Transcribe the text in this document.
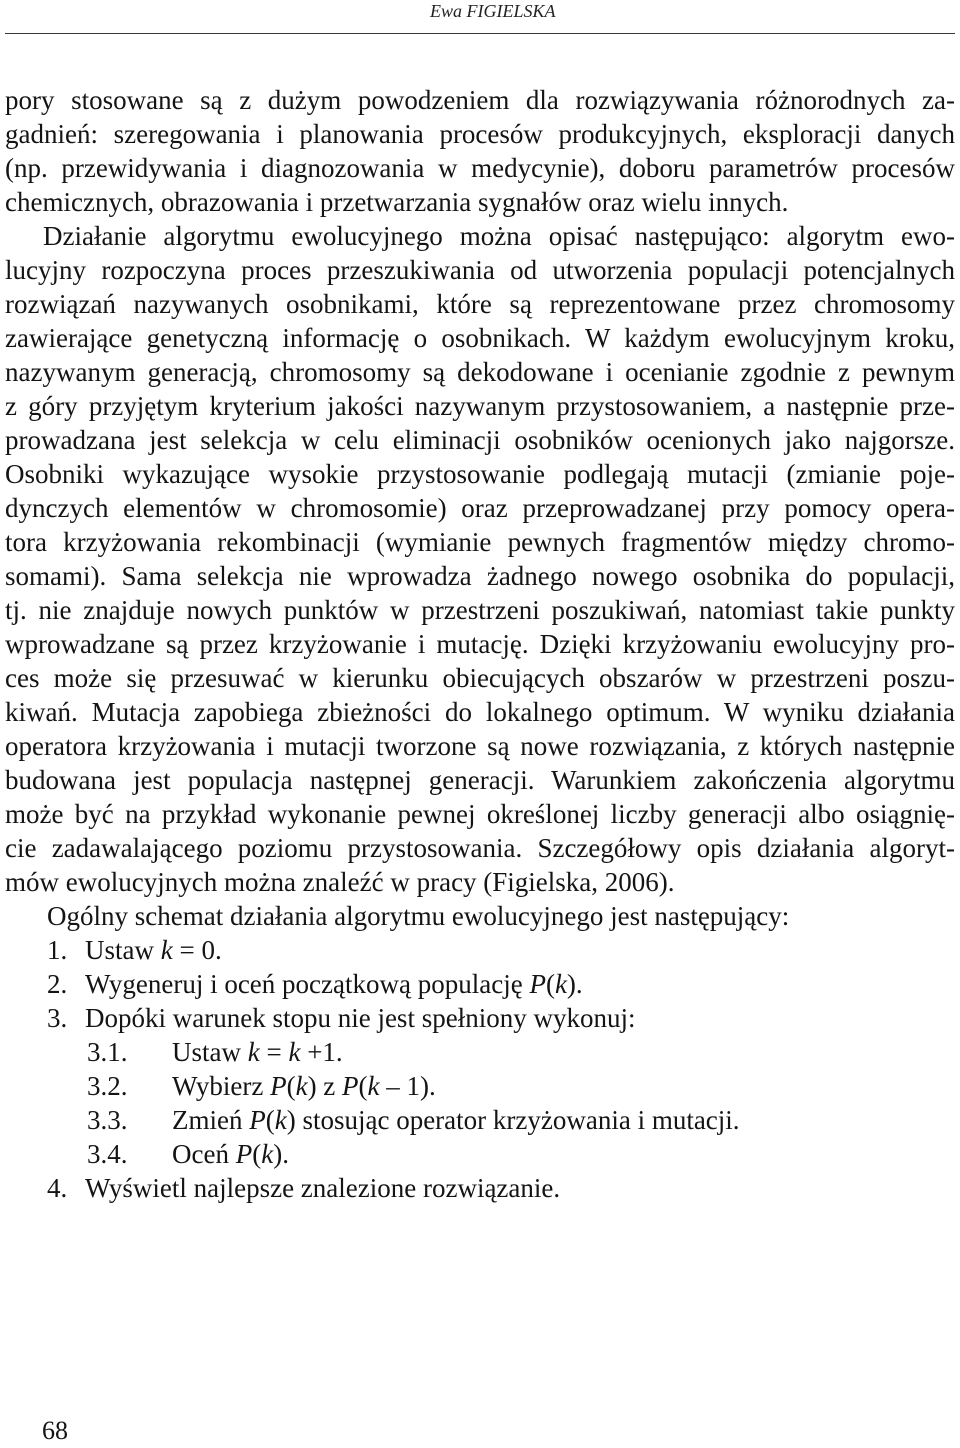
Ewa FIGIELSKA
pory stosowane są z dużym powodzeniem dla rozwiązywania różnorodnych za-
gadnień: szeregowania i planowania procesów produkcyjnych, eksploracji danych
(np. przewidywania i diagnozowania w medycynie), doboru parametrów procesów
chemicznych, obrazowania i przetwarzania sygnałów oraz wielu innych.
Działanie algorytmu ewolucyjnego można opisać następująco: algorytm ewo-
lucyjny rozpoczyna proces przeszukiwania od utworzenia populacji potencjalnych
rozwiązań nazywanych osobnikami, które są reprezentowane przez chromosomy
zawierające genetyczną informację o osobnikach. W każdym ewolucyjnym kroku,
nazywanym generacją, chromosomy są dekodowane i ocenianie zgodnie z pewnym
z góry przyjętym kryterium jakości nazywanym przystosowaniem, a następnie prze-
prowadzana jest selekcja w celu eliminacji osobników ocenionych jako najgorsze.
Osobniki wykazujące wysokie przystosowanie podlegają mutacji (zmianie poje-
dynczych elementów w chromosomie) oraz przeprowadzanej przy pomocy opera-
tora krzyżowania rekombinacji (wymianie pewnych fragmentów między chromo-
somami). Sama selekcja nie wprowadza żadnego nowego osobnika do populacji,
tj. nie znajduje nowych punktów w przestrzeni poszukiwań, natomiast takie punkty
wprowadzane są przez krzyżowanie i mutację. Dzięki krzyżowaniu ewolucyjny pro-
ces może się przesuwać w kierunku obiecujących obszarów w przestrzeni poszu-
kiwań. Mutacja zapobiega zbieżności do lokalnego optimum. W wyniku działania
operatora krzyżowania i mutacji tworzone są nowe rozwiązania, z których następnie
budowana jest populacja następnej generacji. Warunkiem zakończenia algorytmu
może być na przykład wykonanie pewnej określonej liczby generacji albo osiągnię-
cie zadawalającego poziomu przystosowania. Szczegółowy opis działania algoryt-
mów ewolucyjnych można znaleźć w pracy (Figielska, 2006).
Ogólny schemat działania algorytmu ewolucyjnego jest następujący:
1. Ustaw k = 0.
2. Wygeneruj i oceń początkową populację P(k).
3. Dopóki warunek stopu nie jest spełniony wykonuj:
3.1.	Ustaw k = k +1.
3.2.	Wybierz P(k) z P(k – 1).
3.3.	Zmień P(k) stosując operator krzyżowania i mutacji.
3.4.	Oceń P(k).
4. Wyświetl najlepsze znalezione rozwiązanie.
68
